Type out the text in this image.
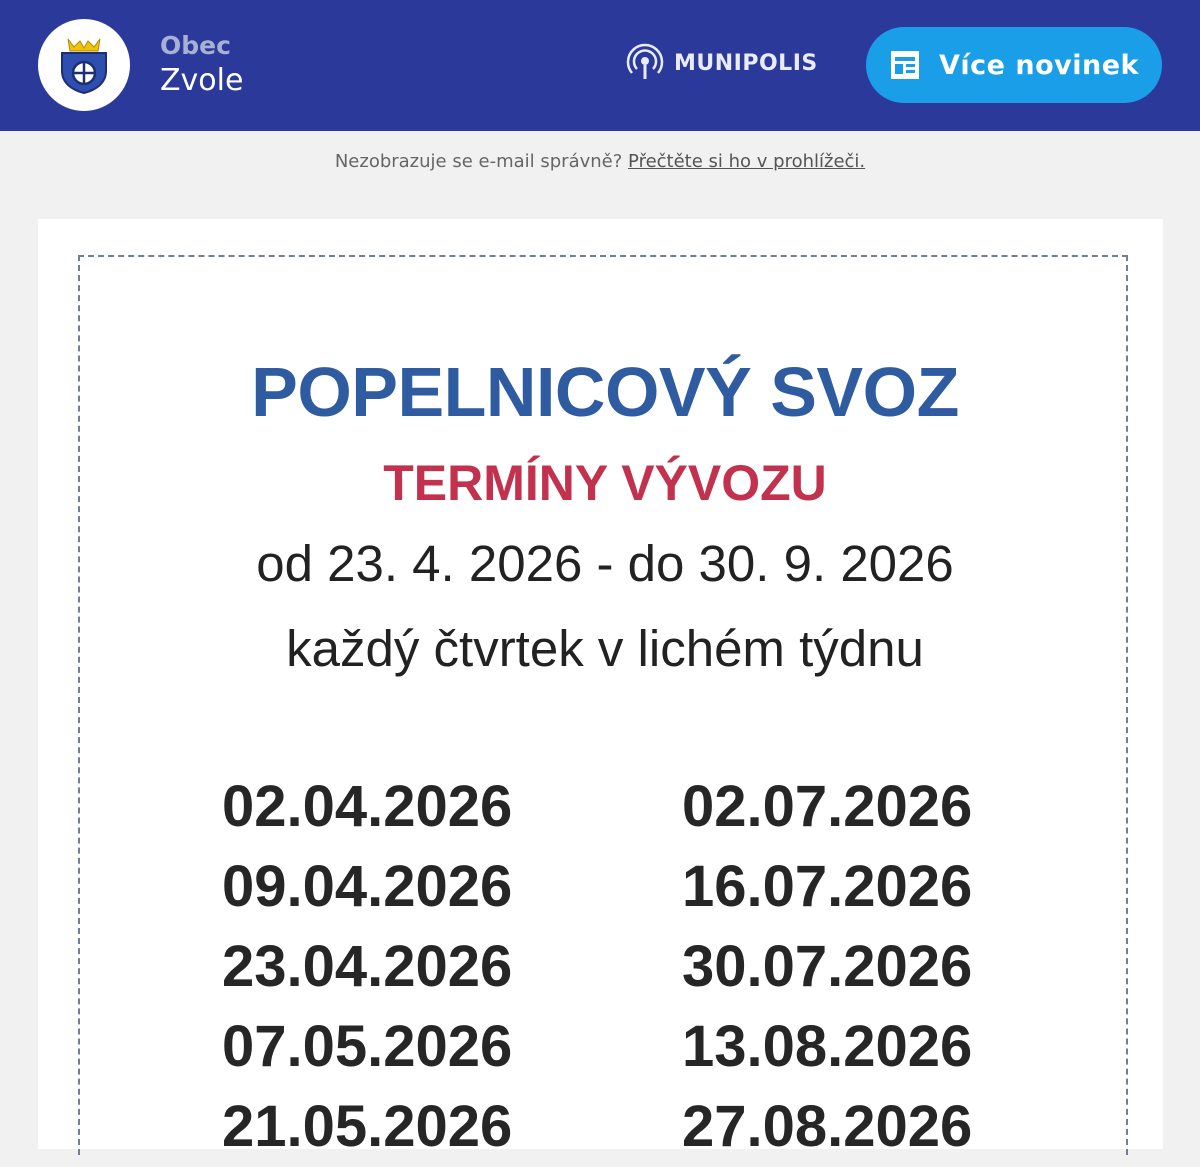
Obec
Zvole	MUNIPOLIS	Více novinek
Nezobrazuje se e-mail správně? Přečtěte si ho v prohlížeči.
POPELNICOVÝ SVOZ
TERMÍNY VÝVOZU
od 23. 4. 2026 - do 30. 9. 2026
každý čtvrtek v lichém týdnu
02.04.2026
09.04.2026
23.04.2026
07.05.2026
21.05.2026
02.07.2026
16.07.2026
30.07.2026
13.08.2026
27.08.2026
